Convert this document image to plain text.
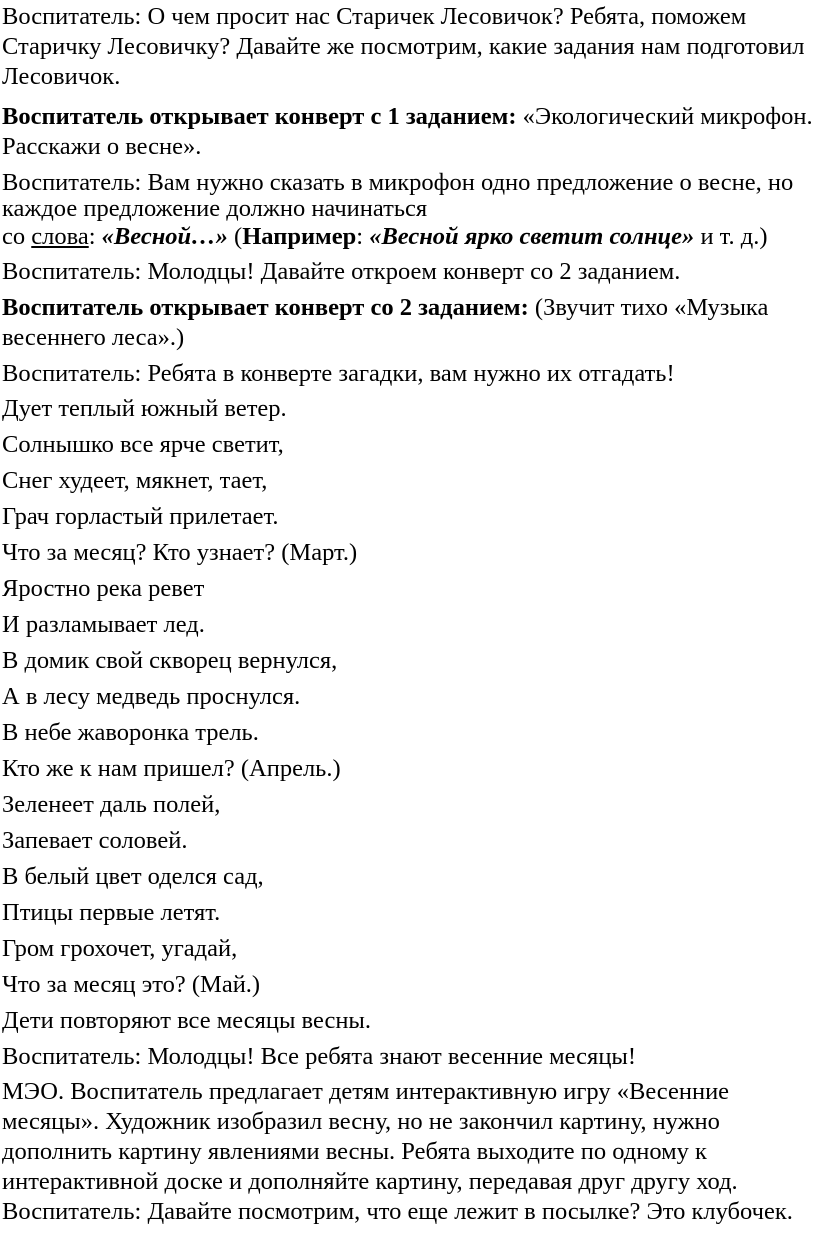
Воспитатель: О чем просит нас Старичек Лесовичок? Ребята, поможем
Старичку Лесовичку? Давайте же посмотрим, какие задания нам подготовил
Лесовичок.

Воспитатель открывает конверт с 1 заданием: «Экологический микрофон.
Расскажи о весне».

Воспитатель: Вам нужно сказать в микрофон одно предложение о весне, но
каждое предложение должно начинаться
со слова: «Весной…» (Например: «Весной ярко светит солнце» и т. д.)

Воспитатель: Молодцы! Давайте откроем конверт со 2 заданием.

Воспитатель открывает конверт со 2 заданием: (Звучит тихо «Музыка
весеннего леса».)

Воспитатель: Ребята в конверте загадки, вам нужно их отгадать!

Дует теплый южный ветер.

Солнышко все ярче светит,

Снег худеет, мякнет, тает,

Грач горластый прилетает.

Что за месяц? Кто узнает? (Март.)

Яростно река ревет

И разламывает лед.

В домик свой скворец вернулся,

А в лесу медведь проснулся.

В небе жаворонка трель.

Кто же к нам пришел? (Апрель.)

Зеленеет даль полей,

Запевает соловей.

В белый цвет оделся сад,

Птицы первые летят.

Гром грохочет, угадай,

Что за месяц это? (Май.)

Дети повторяют все месяцы весны.

Воспитатель: Молодцы! Все ребята знают весенние месяцы!

МЭО. Воспитатель предлагает детям интерактивную игру «Весенние
месяцы». Художник изобразил весну, но не закончил картину, нужно
дополнить картину явлениями весны. Ребята выходите по одному к
интерактивной доске и дополняйте картину, передавая друг другу ход.

Воспитатель: Давайте посмотрим, что еще лежит в посылке? Это клубочек.
